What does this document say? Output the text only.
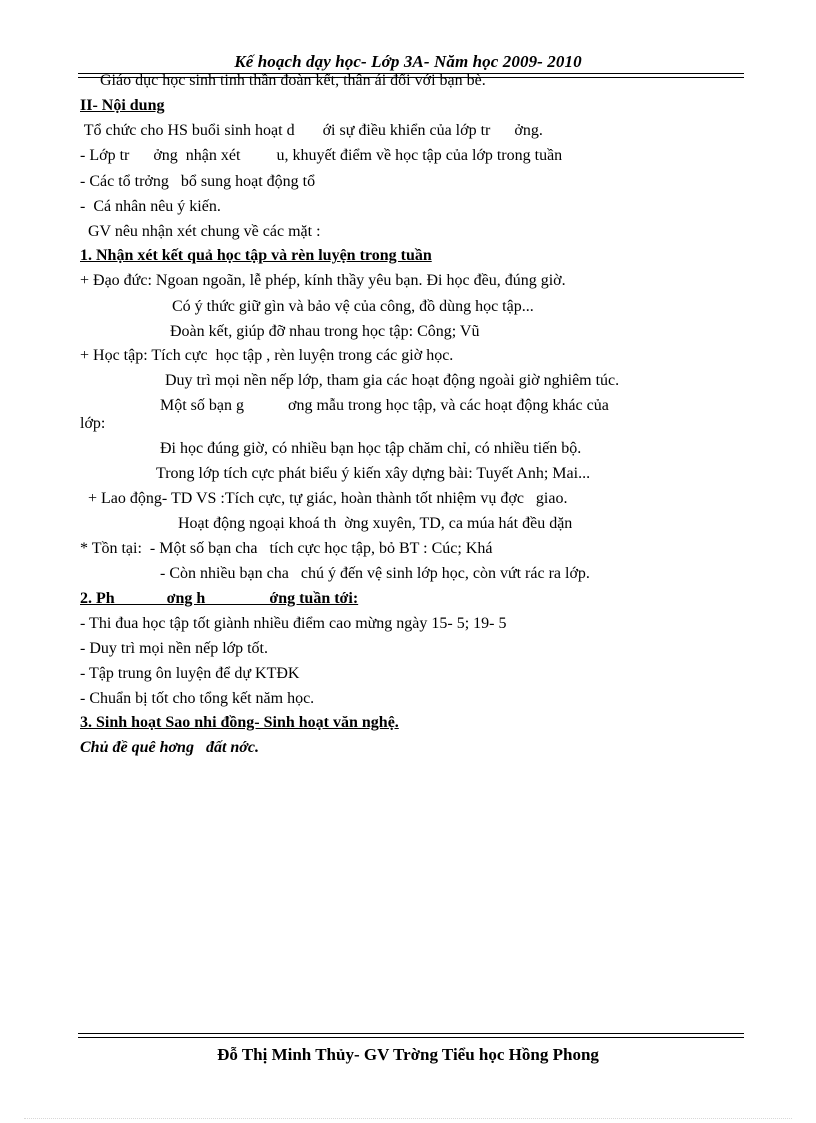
Kế hoạch dạy học- Lớp 3A- Năm học 2009- 2010
Giáo dục học sinh tinh thần đoàn kết, thân ái đối với bạn bè.
II- Nội dung
Tổ chức cho HS buổi sinh hoạt d       ới sự điều khiển của lớp tr      ởng.
- Lớp tr      ởng  nhận xét         u, khuyết điểm về học tập của lớp trong tuần
- Các tổ trởng   bổ sung hoạt động tổ
-  Cá nhân nêu ý kiến.
GV nêu nhận xét chung về các mặt :
1. Nhận xét kết quả học tập và rèn luyện trong tuần
+ Đạo đức: Ngoan ngoãn, lễ phép, kính thầy yêu bạn. Đi học đều, đúng giờ.
Có ý thức giữ gìn và bảo vệ của công, đồ dùng học tập...
Đoàn kết, giúp đỡ nhau trong học tập: Công; Vũ
+ Học tập: Tích cực  học tập , rèn luyện trong các giờ học.
Duy trì mọi nền nếp lớp, tham gia các hoạt động ngoài giờ nghiêm túc.
Một số bạn g           ơng mẫu trong học tập, và các hoạt động khác của
lớp:
Đi học đúng giờ, có nhiều bạn học tập chăm chỉ, có nhiều tiến bộ.
Trong lớp tích cực phát biểu ý kiến xây dựng bài: Tuyết Anh; Mai...
+ Lao động- TD VS :Tích cực, tự giác, hoàn thành tốt nhiệm vụ đợc   giao.
Hoạt động ngoại khoá th  ờng xuyên, TD, ca múa hát đều dặn
* Tồn tại:  - Một số bạn cha   tích cực học tập, bỏ BT : Cúc; Khá
- Còn nhiều bạn cha   chú ý đến vệ sinh lớp học, còn vứt rác ra lớp.
2. Ph             ơng h                ớng tuần tới:
- Thi đua học tập tốt giành nhiều điểm cao mừng ngày 15- 5; 19- 5
- Duy trì mọi nền nếp lớp tốt.
- Tập trung ôn luyện để dự KTĐK
- Chuẩn bị tốt cho tổng kết năm học.
3. Sinh hoạt Sao nhi đồng- Sinh hoạt văn nghệ.
Chủ đề quê hơng   đất nớc.
Đỗ Thị Minh Thủy- GV Trờng Tiểu học Hồng Phong
